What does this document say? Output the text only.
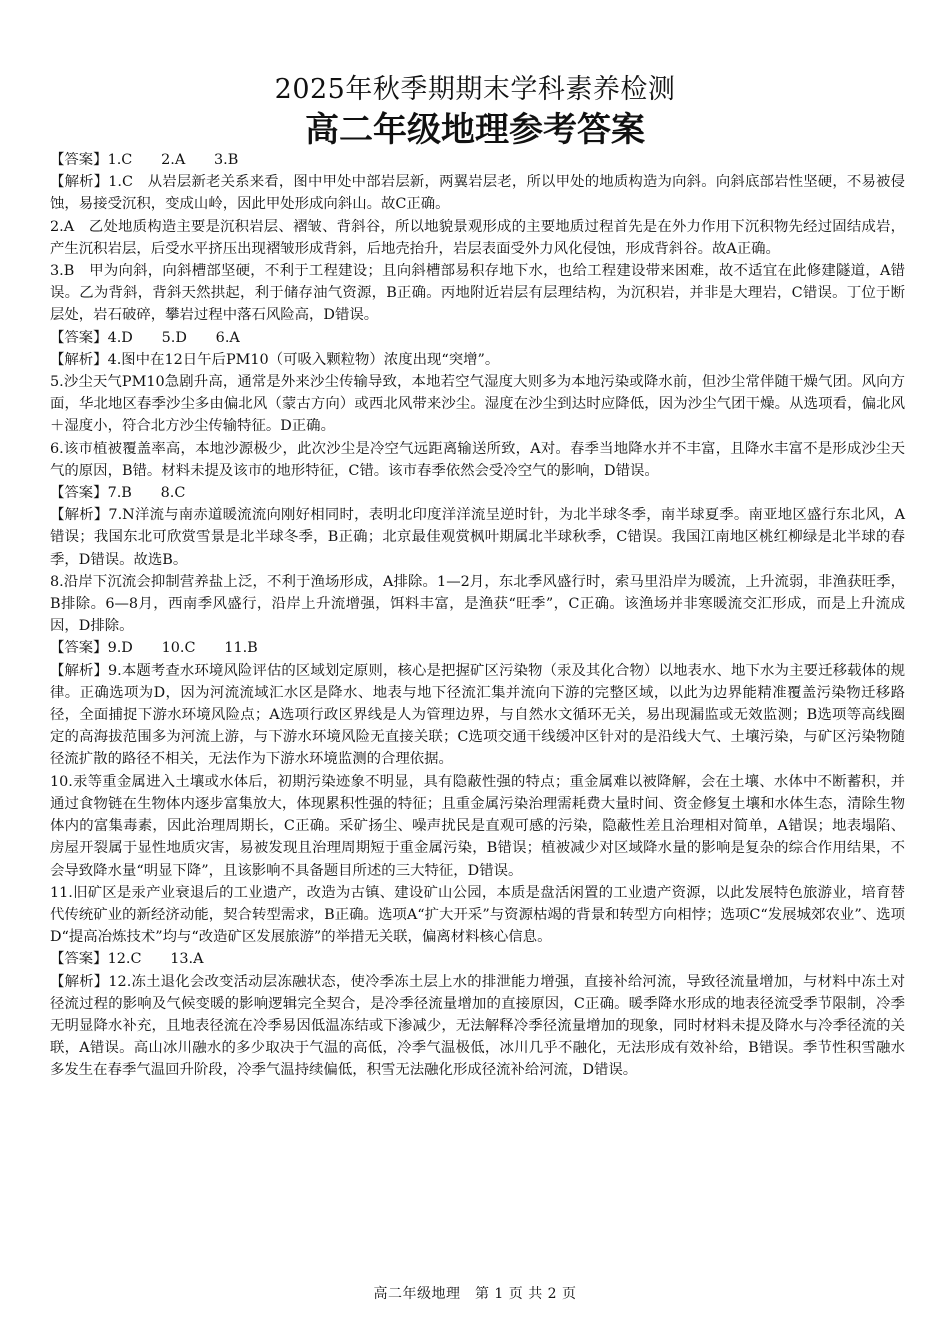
2025年秋季期期末学科素养检测
高二年级地理参考答案

【答案】1.C　　2.A　　3.B

【解析】1.C　从岩层新老关系来看，图中甲处中部岩层新，两翼岩层老，所以甲处的地质构造为向斜。向斜底部岩性坚硬，不易被侵蚀，易接受沉积，变成山岭，因此甲处形成向斜山。故C正确。

2.A　乙处地质构造主要是沉积岩层、褶皱、背斜谷，所以地貌景观形成的主要地质过程首先是在外力作用下沉积物先经过固结成岩，产生沉积岩层，后受水平挤压出现褶皱形成背斜，后地壳抬升，岩层表面受外力风化侵蚀，形成背斜谷。故A正确。

3.B　甲为向斜，向斜槽部坚硬，不利于工程建设；且向斜槽部易积存地下水，也给工程建设带来困难，故不适宜在此修建隧道，A错误。乙为背斜，背斜天然拱起，利于储存油气资源，B正确。丙地附近岩层有层理结构，为沉积岩，并非是大理岩，C错误。丁位于断层处，岩石破碎，攀岩过程中落石风险高，D错误。

【答案】4.D　　5.D　　6.A

【解析】4.图中在12日午后PM10（可吸入颗粒物）浓度出现“突增”。

5.沙尘天气PM10急剧升高，通常是外来沙尘传输导致，本地若空气湿度大则多为本地污染或降水前，但沙尘常伴随干燥气团。风向方面，华北地区春季沙尘多由偏北风（蒙古方向）或西北风带来沙尘。湿度在沙尘到达时应降低，因为沙尘气团干燥。从选项看，偏北风＋湿度小，符合北方沙尘传输特征。D正确。

6.该市植被覆盖率高，本地沙源极少，此次沙尘是冷空气远距离输送所致，A对。春季当地降水并不丰富，且降水丰富不是形成沙尘天气的原因，B错。材料未提及该市的地形特征，C错。该市春季依然会受冷空气的影响，D错误。

【答案】7.B　　8.C

【解析】7.N洋流与南赤道暖流流向刚好相同时，表明北印度洋洋流呈逆时针，为北半球冬季，南半球夏季。南亚地区盛行东北风，A错误；我国东北可欣赏雪景是北半球冬季，B正确；北京最佳观赏枫叶期属北半球秋季，C错误。我国江南地区桃红柳绿是北半球的春季，D错误。故选B。

8.沿岸下沉流会抑制营养盐上泛，不利于渔场形成，A排除。1—2月，东北季风盛行时，索马里沿岸为暖流，上升流弱，非渔获旺季，B排除。6—8月，西南季风盛行，沿岸上升流增强，饵料丰富，是渔获“旺季”，C正确。该渔场并非寒暖流交汇形成，而是上升流成因，D排除。

【答案】9.D　　10.C　　11.B

【解析】9.本题考查水环境风险评估的区域划定原则，核心是把握矿区污染物（汞及其化合物）以地表水、地下水为主要迁移载体的规律。正确选项为D，因为河流流域汇水区是降水、地表与地下径流汇集并流向下游的完整区域，以此为边界能精准覆盖污染物迁移路径，全面捕捉下游水环境风险点；A选项行政区界线是人为管理边界，与自然水文循环无关，易出现漏监或无效监测；B选项等高线圈定的高海拔范围多为河流上游，与下游水环境风险无直接关联；C选项交通干线缓冲区针对的是沿线大气、土壤污染，与矿区污染物随径流扩散的路径不相关，无法作为下游水环境监测的合理依据。

10.汞等重金属进入土壤或水体后，初期污染迹象不明显，具有隐蔽性强的特点；重金属难以被降解，会在土壤、水体中不断蓄积，并通过食物链在生物体内逐步富集放大，体现累积性强的特征；且重金属污染治理需耗费大量时间、资金修复土壤和水体生态，清除生物体内的富集毒素，因此治理周期长，C正确。采矿扬尘、噪声扰民是直观可感的污染，隐蔽性差且治理相对简单，A错误；地表塌陷、房屋开裂属于显性地质灾害，易被发现且治理周期短于重金属污染，B错误；植被减少对区域降水量的影响是复杂的综合作用结果，不会导致降水量“明显下降”，且该影响不具备题目所述的三大特征，D错误。

11.旧矿区是汞产业衰退后的工业遗产，改造为古镇、建设矿山公园，本质是盘活闲置的工业遗产资源，以此发展特色旅游业，培育替代传统矿业的新经济动能，契合转型需求，B正确。选项A“扩大开采”与资源枯竭的背景和转型方向相悖；选项C“发展城郊农业”、选项D“提高冶炼技术”均与“改造矿区发展旅游”的举措无关联，偏离材料核心信息。

【答案】12.C　　13.A

【解析】12.冻土退化会改变活动层冻融状态，使冷季冻土层上水的排泄能力增强，直接补给河流，导致径流量增加，与材料中冻土对径流过程的影响及气候变暖的影响逻辑完全契合，是冷季径流量增加的直接原因，C正确。暖季降水形成的地表径流受季节限制，冷季无明显降水补充，且地表径流在冷季易因低温冻结或下渗减少，无法解释冷季径流量增加的现象，同时材料未提及降水与冷季径流的关联，A错误。高山冰川融水的多少取决于气温的高低，冷季气温极低，冰川几乎不融化，无法形成有效补给，B错误。季节性积雪融水多发生在春季气温回升阶段，冷季气温持续偏低，积雪无法融化形成径流补给河流，D错误。

高二年级地理　第 1 页 共 2 页
